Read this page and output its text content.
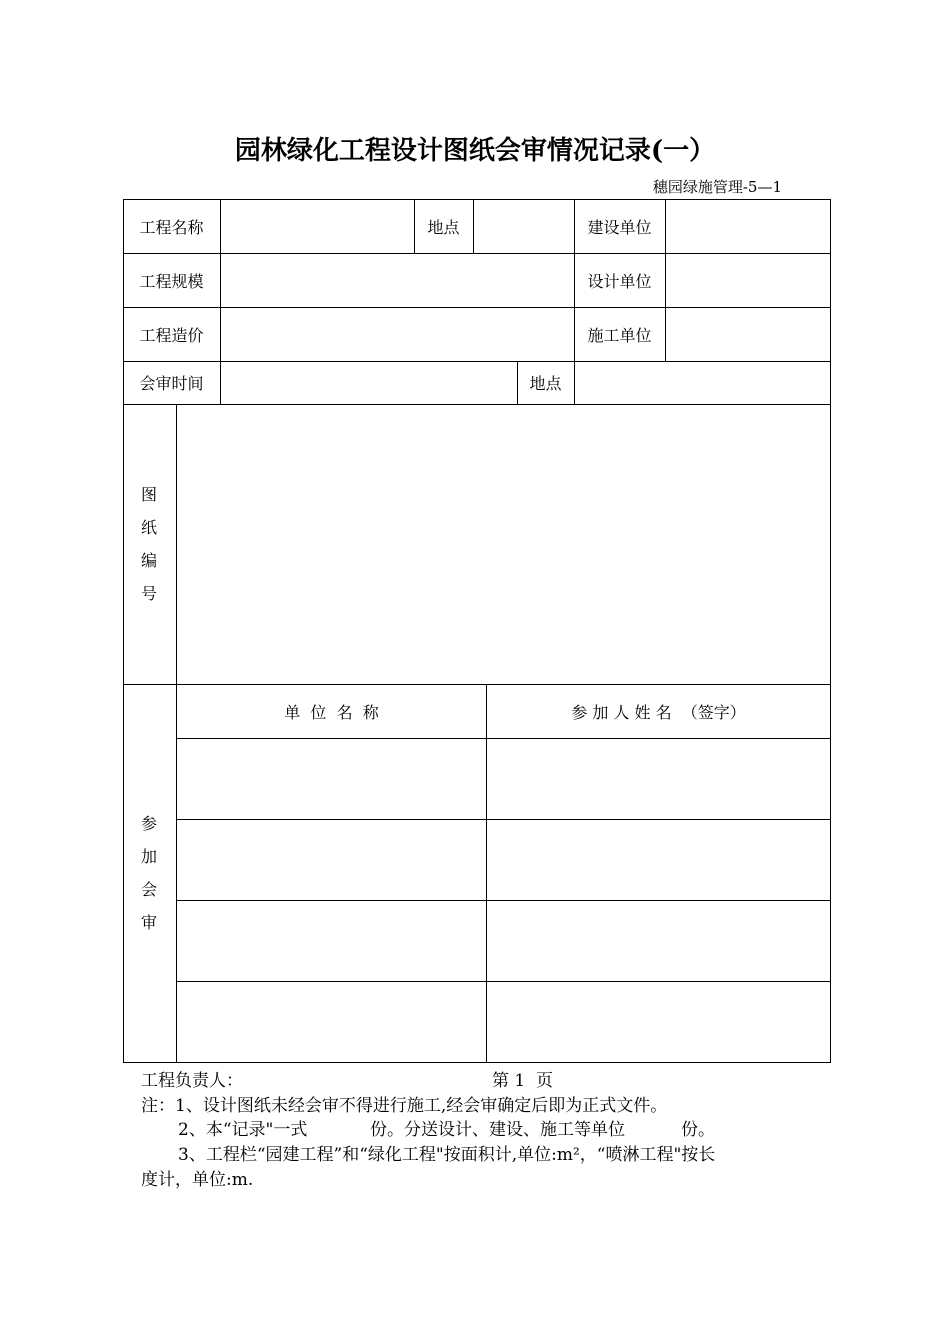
园林绿化工程设计图纸会审情况记录(一）
穗园绿施管理-5—1
工程名称	地点	建设单位
工程规模	设计单位
工程造价	施工单位
会审时间	地点
图
纸
编
号
参
加
会
审
单  位  名  称	参 加 人 姓 名  （签字）
工程负责人：	第 1  页
注：1、设计图纸未经会审不得进行施工,经会审确定后即为正式文件。
2、本“记录"一式	份。分送设计、建设、施工等单位	份。
3、工程栏“园建工程”和“绿化工程"按面积计,单位:m²，“喷淋工程"按长
度计，单位:m.
